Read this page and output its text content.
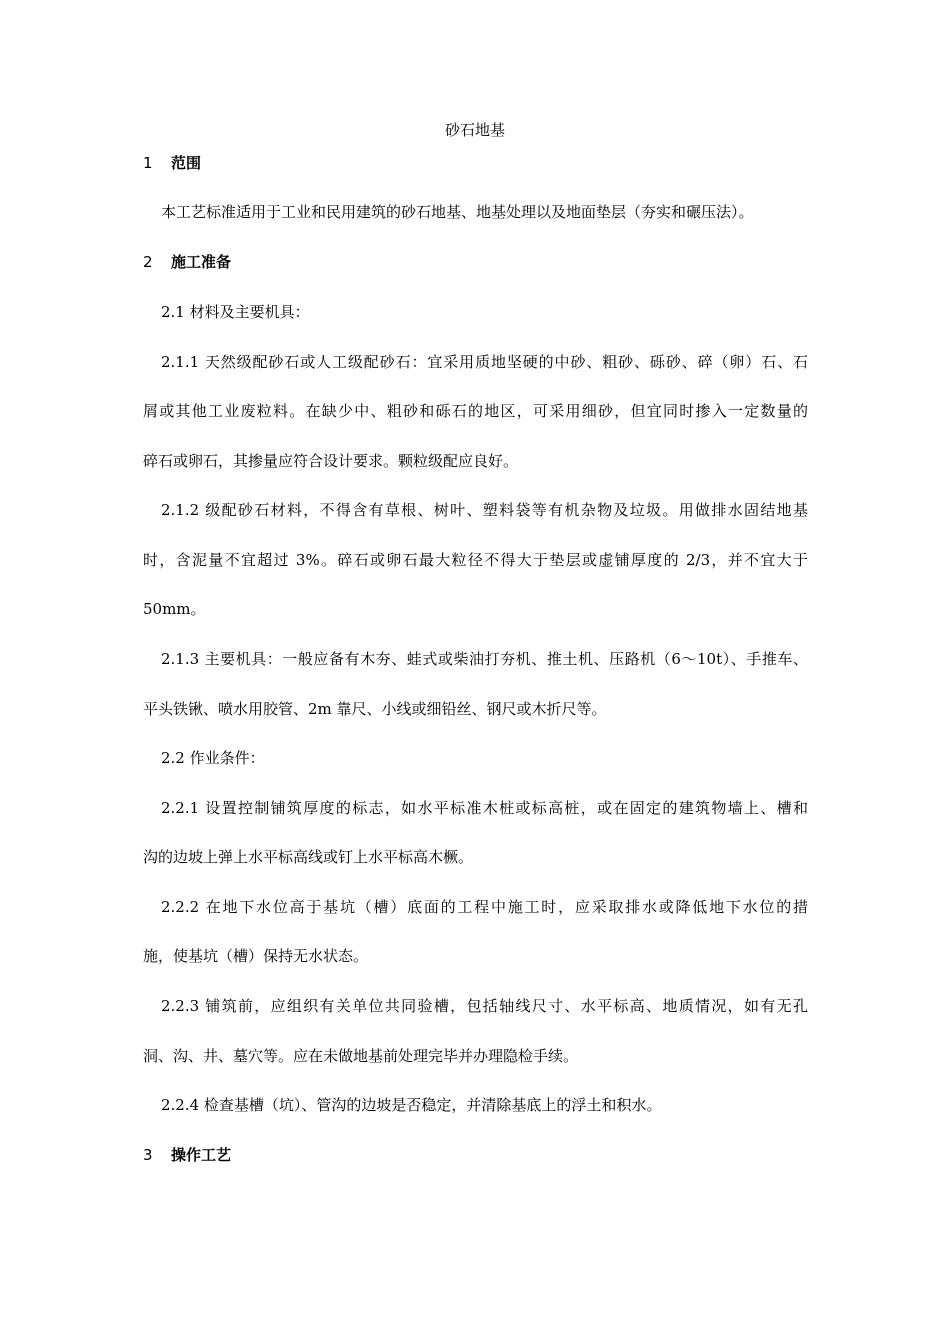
砂石地基
1 范围
本工艺标准适用于工业和民用建筑的砂石地基、地基处理以及地面垫层（夯实和碾压法）。
2 施工准备
2.1 材料及主要机具：
2.1.1 天然级配砂石或人工级配砂石：宜采用质地坚硬的中砂、粗砂、砾砂、碎（卵）石、石
屑或其他工业废粒料。在缺少中、粗砂和砾石的地区，可采用细砂，但宜同时掺入一定数量的
碎石或卵石，其掺量应符合设计要求。颗粒级配应良好。
2.1.2 级配砂石材料，不得含有草根、树叶、塑料袋等有机杂物及垃圾。用做排水固结地基
时，含泥量不宜超过 3%。碎石或卵石最大粒径不得大于垫层或虚铺厚度的 2/3，并不宜大于
50mm。
2.1.3 主要机具：一般应备有木夯、蛙式或柴油打夯机、推土机、压路机（6～10t）、手推车、
平头铁锹、喷水用胶管、2m 靠尺、小线或细铅丝、钢尺或木折尺等。
2.2 作业条件：
2.2.1 设置控制铺筑厚度的标志，如水平标准木桩或标高桩，或在固定的建筑物墙上、槽和
沟的边坡上弹上水平标高线或钉上水平标高木橛。
2.2.2 在地下水位高于基坑（槽）底面的工程中施工时，应采取排水或降低地下水位的措
施，使基坑（槽）保持无水状态。
2.2.3 铺筑前，应组织有关单位共同验槽，包括轴线尺寸、水平标高、地质情况，如有无孔
洞、沟、井、墓穴等。应在未做地基前处理完毕并办理隐检手续。
2.2.4 检查基槽（坑）、管沟的边坡是否稳定，并清除基底上的浮土和积水。
3 操作工艺
